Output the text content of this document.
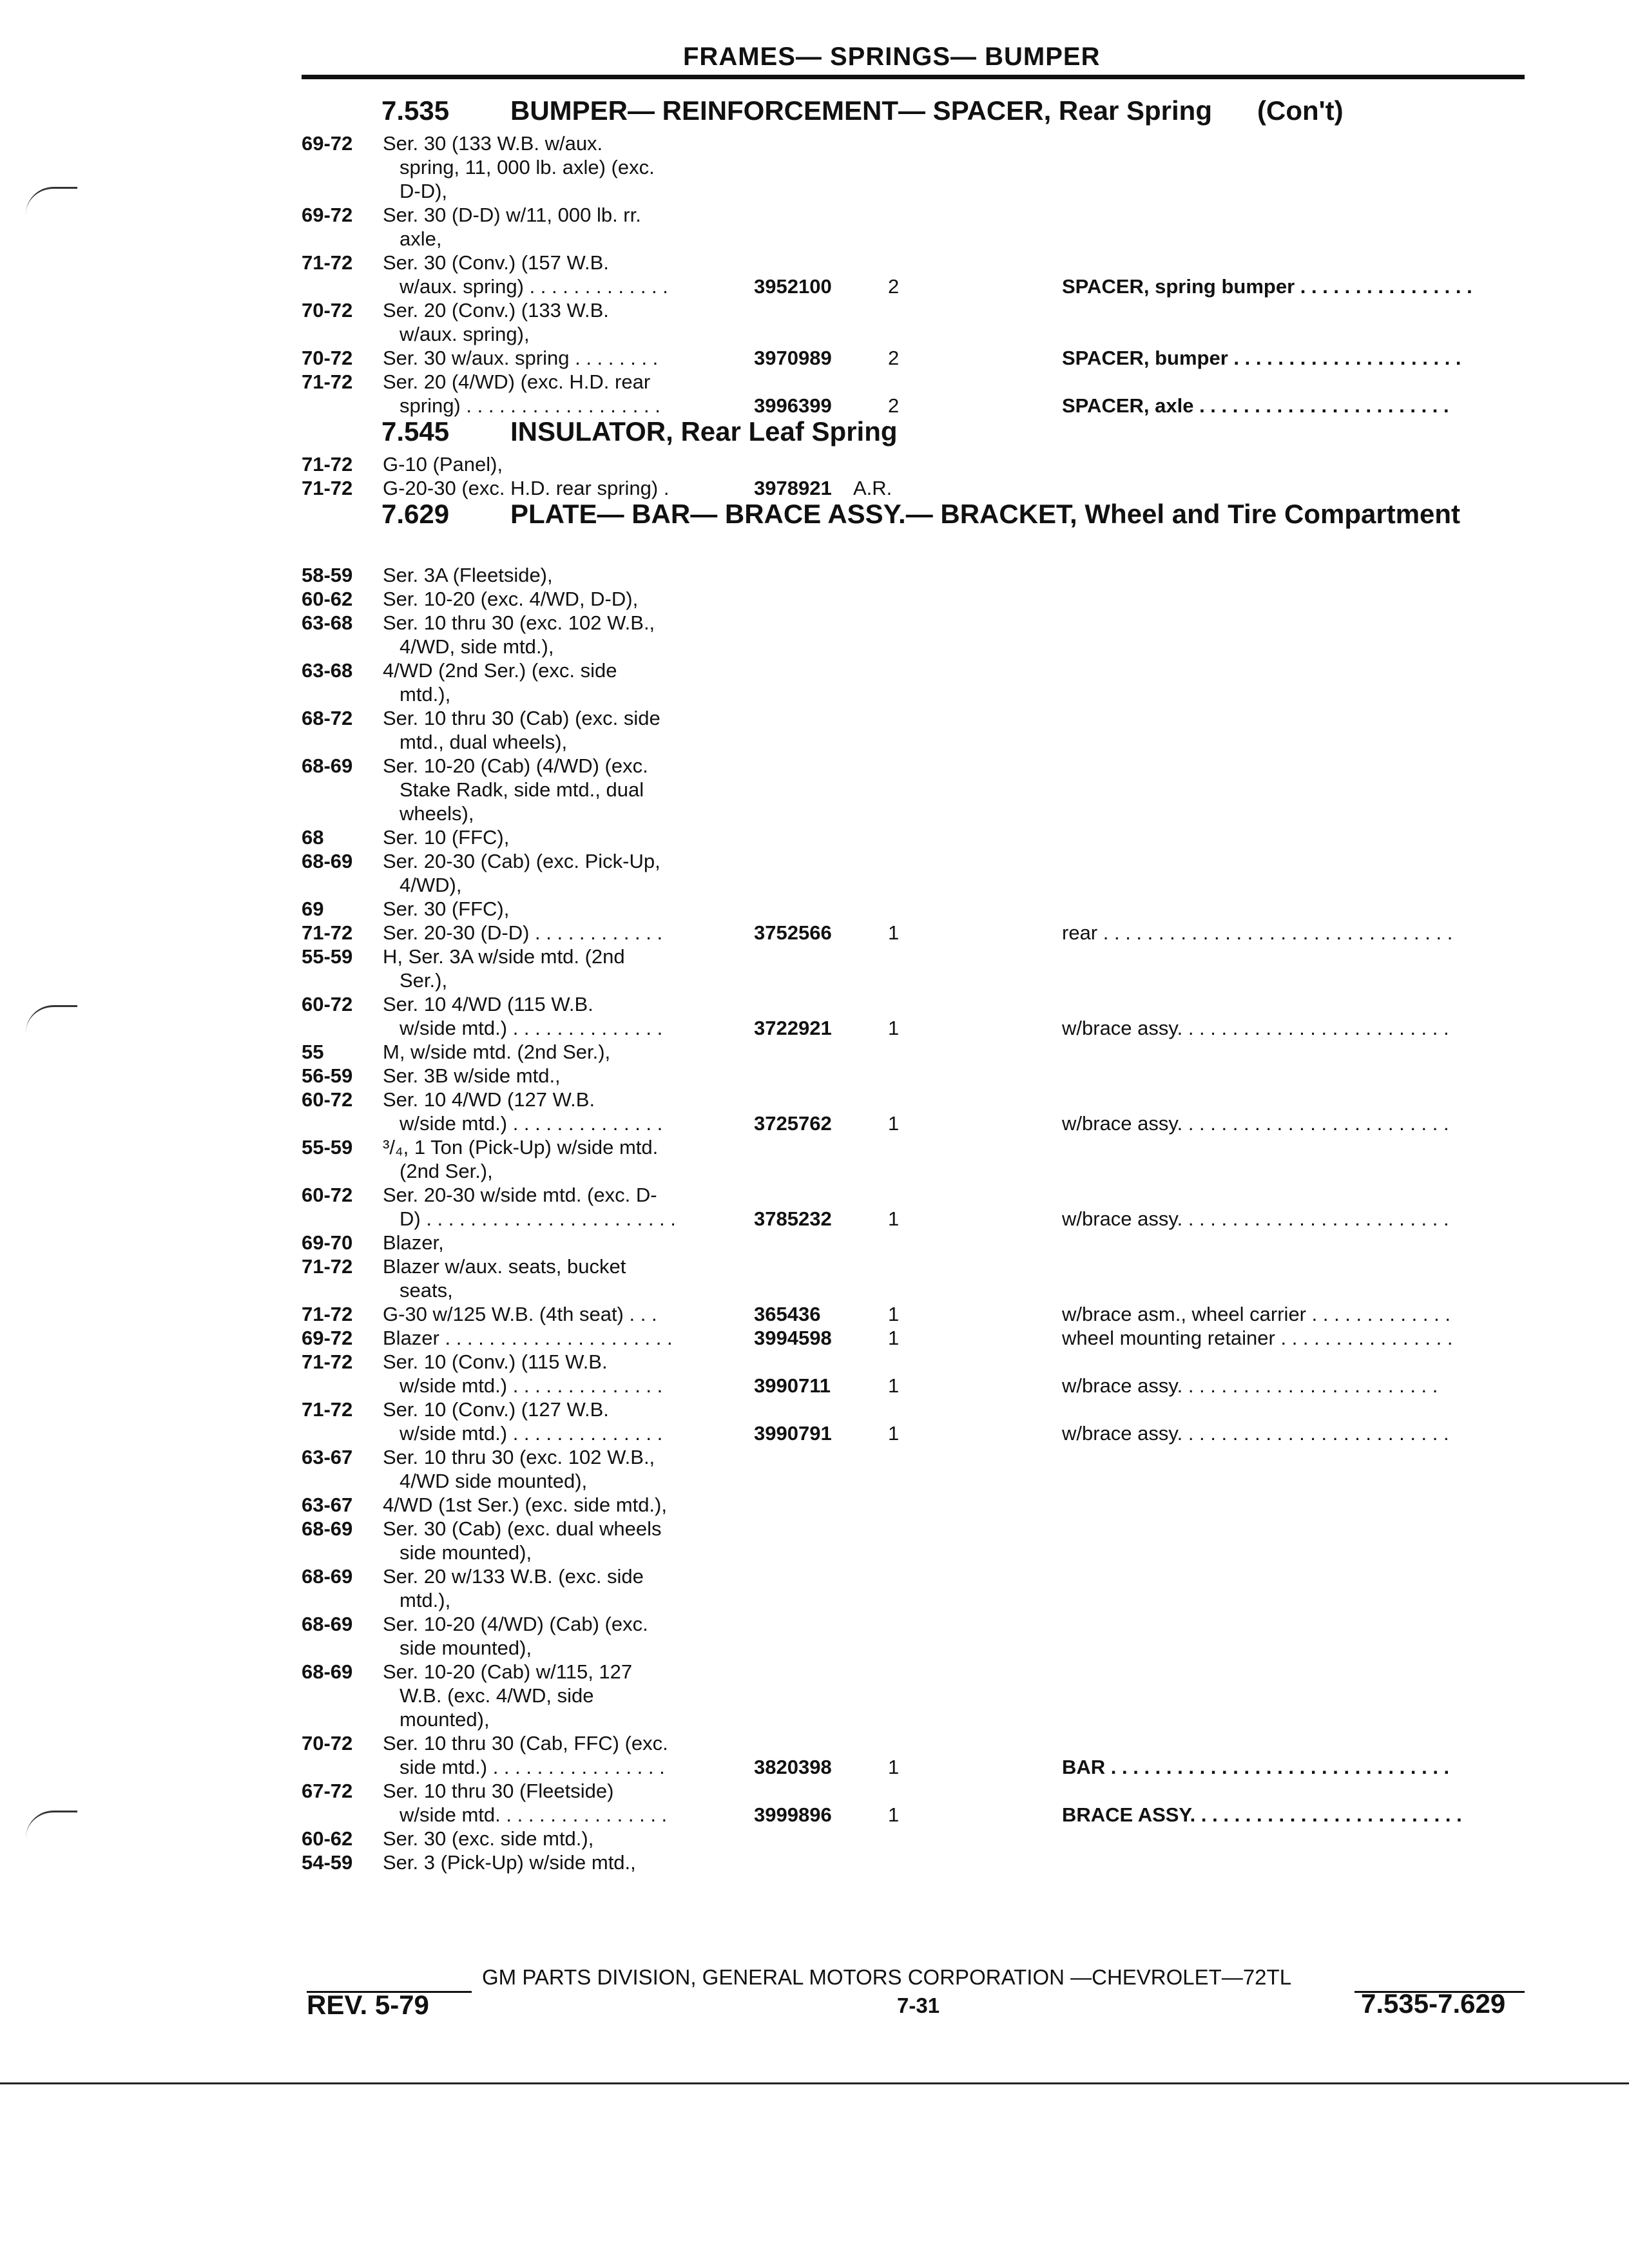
FRAMES— SPRINGS— BUMPER
7.535 BUMPER— REINFORCEMENT— SPACER, Rear Spring (Con't)
69-72 Ser. 30 (133 W.B. w/aux.
spring, 11, 000 lb. axle) (exc.
D-D),
69-72 Ser. 30 (D-D) w/11, 000 lb. rr.
axle,
71-72 Ser. 30 (Conv.) (157 W.B.
w/aux. spring) . . . . . . . . . . . . .	3952100	2	SPACER, spring bumper . . . . . . . . . . . . . . . .
70-72 Ser. 20 (Conv.) (133 W.B.
w/aux. spring),
70-72 Ser. 30 w/aux. spring . . . . . . . .	3970989	2	SPACER, bumper . . . . . . . . . . . . . . . . . . . . .
71-72 Ser. 20 (4/WD) (exc. H.D. rear
spring) . . . . . . . . . . . . . . . . . .	3996399	2	SPACER, axle . . . . . . . . . . . . . . . . . . . . . . .
7.545 INSULATOR, Rear Leaf Spring
71-72 G-10 (Panel),
71-72 G-20-30 (exc. H.D. rear spring) .	3978921 A.R.
7.629 PLATE— BAR— BRACE ASSY.— BRACKET, Wheel and Tire Compartment
58-59 Ser. 3A (Fleetside),
60-62 Ser. 10-20 (exc. 4/WD, D-D),
63-68 Ser. 10 thru 30 (exc. 102 W.B.,
4/WD, side mtd.),
63-68 4/WD (2nd Ser.) (exc. side
mtd.),
68-72 Ser. 10 thru 30 (Cab) (exc. side
mtd., dual wheels),
68-69 Ser. 10-20 (Cab) (4/WD) (exc.
Stake Radk, side mtd., dual
wheels),
68	Ser. 10 (FFC),
68-69 Ser. 20-30 (Cab) (exc. Pick-Up,
4/WD),
69	Ser. 30 (FFC),
71-72 Ser. 20-30 (D-D) . . . . . . . . . . . .	3752566	1	rear . . . . . . . . . . . . . . . . . . . . . . . . . . . . . . . .
55-59 H, Ser. 3A w/side mtd. (2nd
Ser.),
60-72 Ser. 10 4/WD (115 W.B.
w/side mtd.) . . . . . . . . . . . . . .	3722921	1	w/brace assy. . . . . . . . . . . . . . . . . . . . . . . . .
55	M, w/side mtd. (2nd Ser.),
56-59 Ser. 3B w/side mtd.,
60-72 Ser. 10 4/WD (127 W.B.
w/side mtd.) . . . . . . . . . . . . . .	3725762	1	w/brace assy. . . . . . . . . . . . . . . . . . . . . . . . .
55-59 ³/₄, 1 Ton (Pick-Up) w/side mtd.
(2nd Ser.),
60-72 Ser. 20-30 w/side mtd. (exc. D-
D) . . . . . . . . . . . . . . . . . . . . . . .	3785232	1	w/brace assy. . . . . . . . . . . . . . . . . . . . . . . . .
69-70 Blazer,
71-72 Blazer w/aux. seats, bucket
seats,
71-72 G-30 w/125 W.B. (4th seat) . . .	365436	1	w/brace asm., wheel carrier . . . . . . . . . . . . .
69-72 Blazer . . . . . . . . . . . . . . . . . . . . .	3994598	1	wheel mounting retainer . . . . . . . . . . . . . . . .
71-72 Ser. 10 (Conv.) (115 W.B.
w/side mtd.) . . . . . . . . . . . . . .	3990711	1	w/brace assy. . . . . . . . . . . . . . . . . . . . . . . .
71-72 Ser. 10 (Conv.) (127 W.B.
w/side mtd.) . . . . . . . . . . . . . .	3990791	1	w/brace assy. . . . . . . . . . . . . . . . . . . . . . . . .
63-67 Ser. 10 thru 30 (exc. 102 W.B.,
4/WD side mounted),
63-67 4/WD (1st Ser.) (exc. side mtd.),
68-69 Ser. 30 (Cab) (exc. dual wheels
side mounted),
68-69 Ser. 20 w/133 W.B. (exc. side
mtd.),
68-69 Ser. 10-20 (4/WD) (Cab) (exc.
side mounted),
68-69 Ser. 10-20 (Cab) w/115, 127
W.B. (exc. 4/WD, side
mounted),
70-72 Ser. 10 thru 30 (Cab, FFC) (exc.
side mtd.) . . . . . . . . . . . . . . . .	3820398	1	BAR . . . . . . . . . . . . . . . . . . . . . . . . . . . . . . .
67-72 Ser. 10 thru 30 (Fleetside)
w/side mtd. . . . . . . . . . . . . . . .	3999896	1	BRACE ASSY. . . . . . . . . . . . . . . . . . . . . . . . .
60-62 Ser. 30 (exc. side mtd.),
54-59 Ser. 3 (Pick-Up) w/side mtd.,
GM PARTS DIVISION, GENERAL MOTORS CORPORATION —CHEVROLET—72TL
REV. 5-79	7-31	7.535-7.629
